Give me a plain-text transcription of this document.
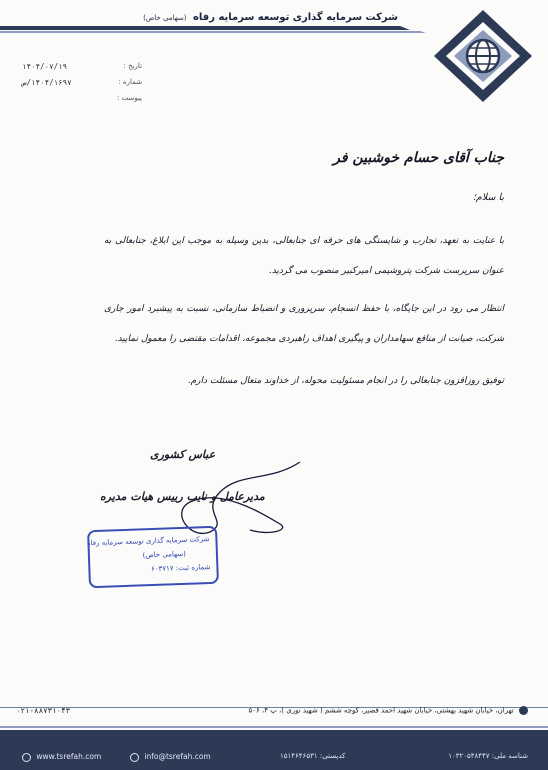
شرکت سرمایه گذاری توسعه سرمایه رفاه (سهامی خاص)
تاریخ :
۱۴۰۴/۰۷/۱۹
شماره :
۱۴۰۴/۱۶۹۷/ص
پیوست :
جناب آقای حسام خوشبین فر
با سلام؛
با عنایت به تعهد، تجارب و شایستگی های حرفه ای جنابعالی، بدین وسیله به موجب این ابلاغ، جنابعالی به عنوان سرپرست شرکت پتروشیمی امیرکبیر منصوب می گردید.
انتظار می رود در این جایگاه، با حفظ انسجام، سرپروری و انضباط سازمانی، نسبت به پیشبرد امور جاری شرکت، صیانت از منافع سهامداران و پیگیری اهداف راهبردی مجموعه، اقدامات مقتضی را معمول نمایید.
توفیق روزافزون جنابعالی را در انجام مسئولیت محوله، از خداوند متعال مسئلت دارم.
عباس کشوری
مدیرعامل و نایب رییس هیات مدیره
شرکت سرمایه گذاری توسعه سرمایه رفاه
(سهامی خاص)
شماره ثبت: ۶۰۳۷۱۷
۰۲۱-۸۸۷۳۱۰۴۳	تهران، خیابان شهید بهشتی، خیابان شهید احمد قصیر، کوچه ششم ( شهید نوری )، پ ۴، ۵۰۶
www.tsrefah.com	info@tsrefah.com	کدپستی: ۱۵۱۴۶۴۶۵۳۱	شناسه ملی: ۱۰۳۲۰۵۴۸۴۴۷
